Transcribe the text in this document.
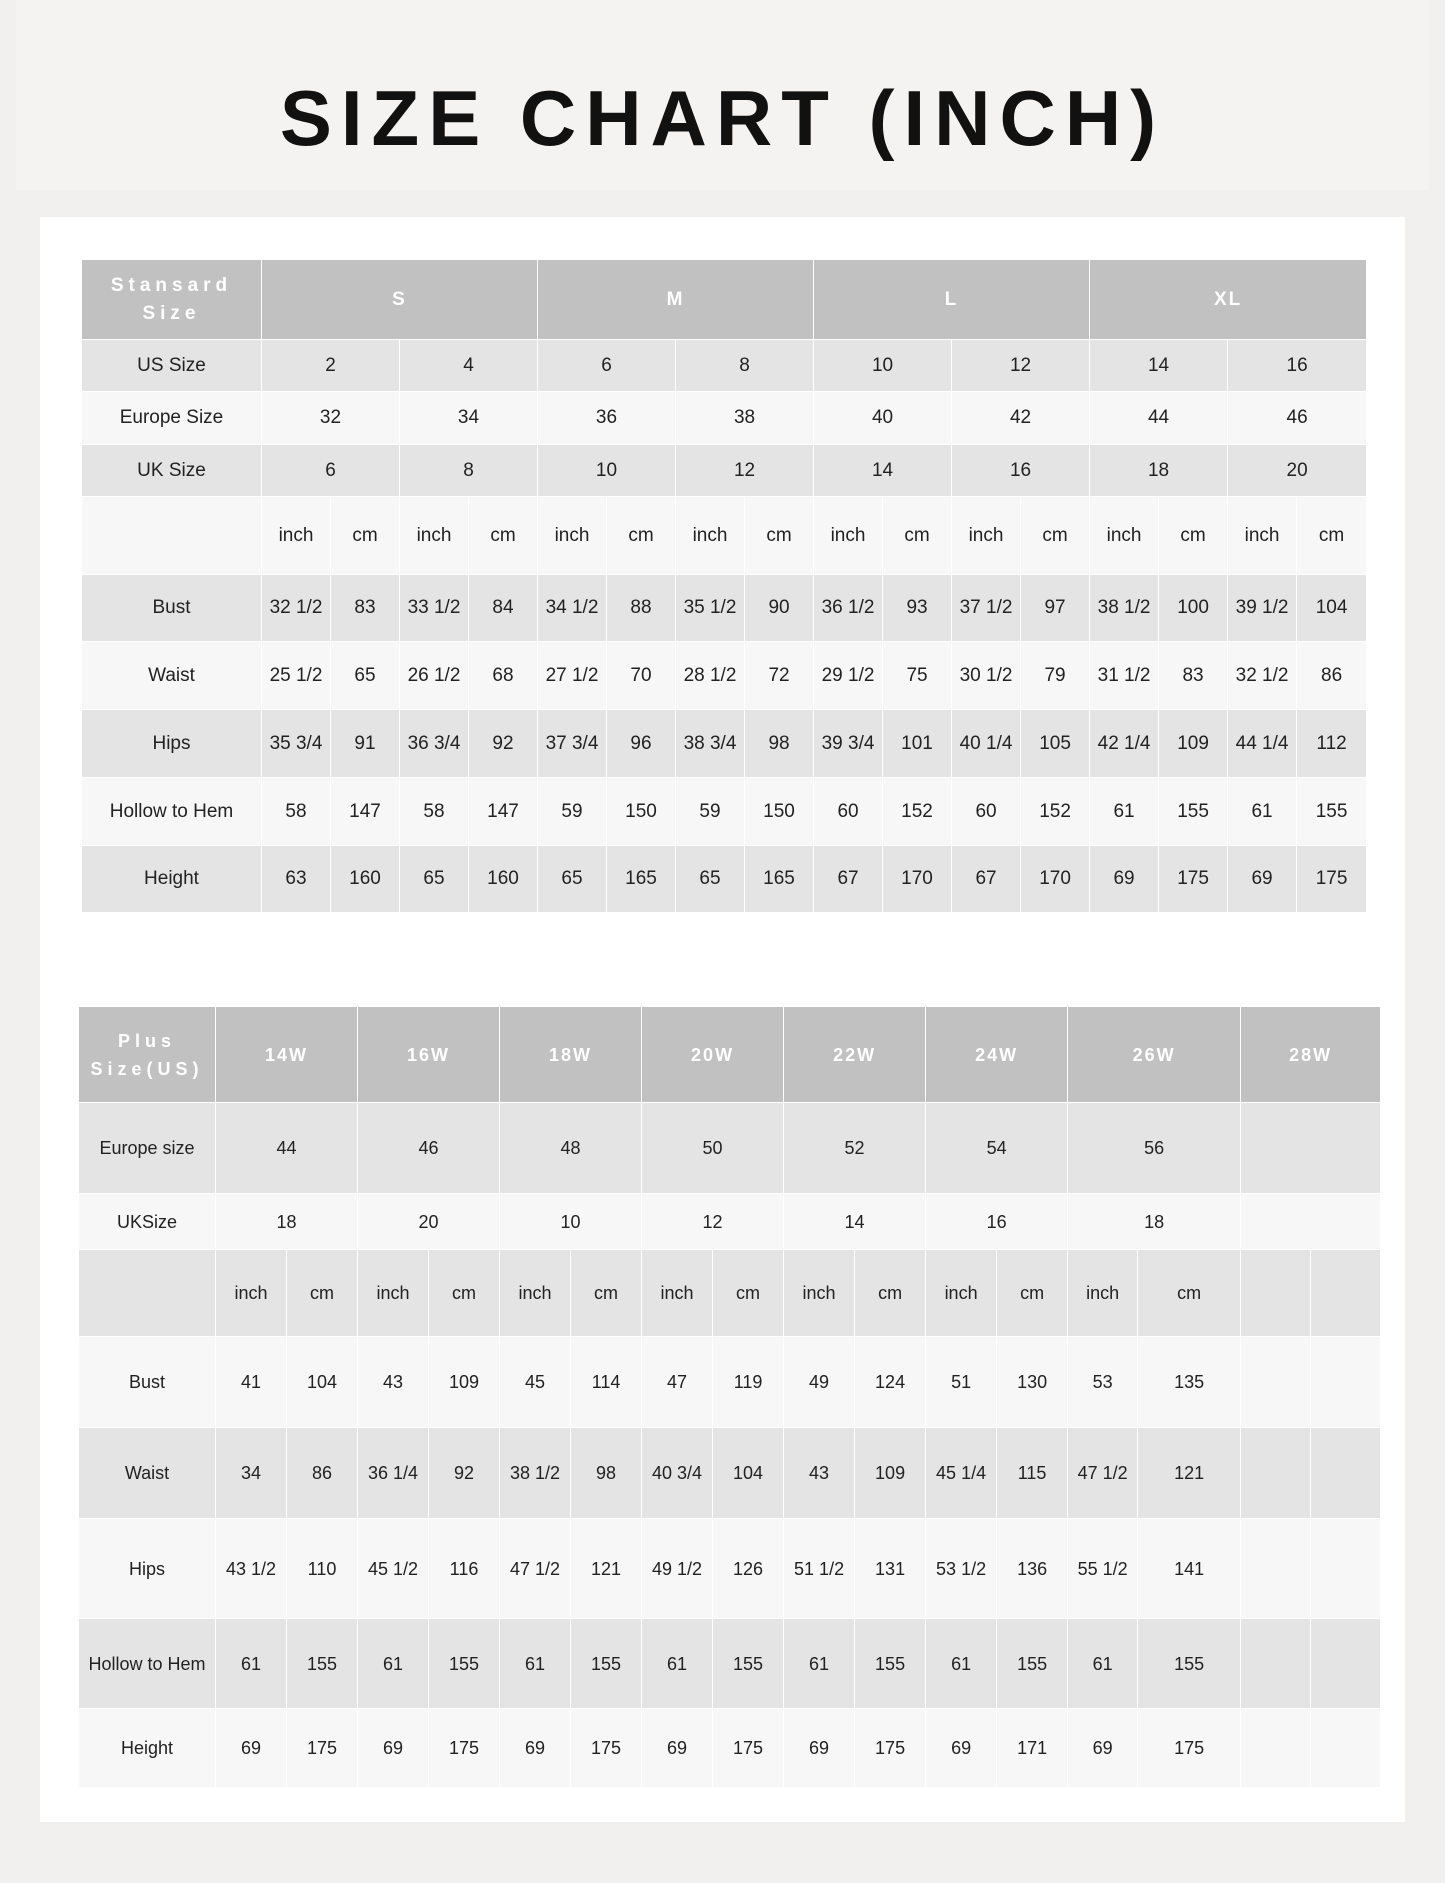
SIZE CHART (INCH)
Stansard Size	S				M				L				XL			
US Size	2		4		6		8		10		12		14		16	
Europe Size	32		34		36		38		40		42		44		46	
UK Size	6		8		10		12		14		16		18		20	
	inch	cm	inch	cm	inch	cm	inch	cm	inch	cm	inch	cm	inch	cm	inch	cm
Bust	32 1/2	83	33 1/2	84	34 1/2	88	35 1/2	90	36 1/2	93	37 1/2	97	38 1/2	100	39 1/2	104
Waist	25 1/2	65	26 1/2	68	27 1/2	70	28 1/2	72	29 1/2	75	30 1/2	79	31 1/2	83	32 1/2	86
Hips	35 3/4	91	36 3/4	92	37 3/4	96	38 3/4	98	39 3/4	101	40 1/4	105	42 1/4	109	44 1/4	112
Hollow to Hem	58	147	58	147	59	150	59	150	60	152	60	152	61	155	61	155
Height	63	160	65	160	65	165	65	165	67	170	67	170	69	175	69	175
Plus Size(US)	14W		16W		18W		20W		22W		24W		26W		28W	
Europe size	44		46		48		50		52		54		56			
UKSize	18		20		10		12		14		16		18			
	inch	cm	inch	cm	inch	cm	inch	cm	inch	cm	inch	cm	inch	cm		
Bust	41	104	43	109	45	114	47	119	49	124	51	130	53	135		
Waist	34	86	36 1/4	92	38 1/2	98	40 3/4	104	43	109	45 1/4	115	47 1/2	121		
Hips	43 1/2	110	45 1/2	116	47 1/2	121	49 1/2	126	51 1/2	131	53 1/2	136	55 1/2	141		
Hollow to Hem	61	155	61	155	61	155	61	155	61	155	61	155	61	155		
Height	69	175	69	175	69	175	69	175	69	175	69	171	69	175		
